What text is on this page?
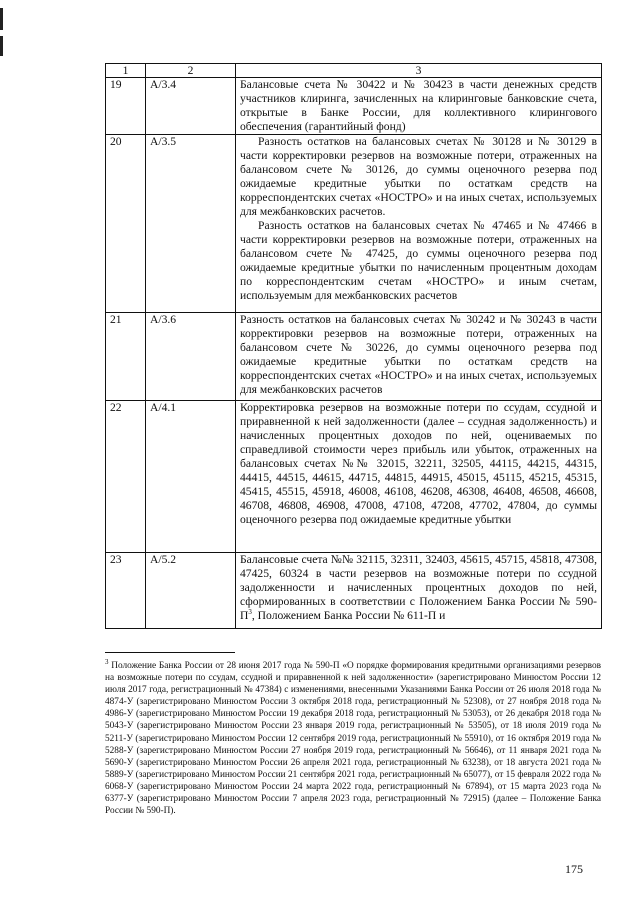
1	2	3
19	А/3.4	Балансовые счета № 30422 и № 30423 в части денежных средств участников клиринга, зачисленных на клиринговые банковские счета, открытые в Банке России, для коллективного клирингового обеспечения (гарантийный фонд)

20	А/3.5	Разность остатков на балансовых счетах № 30128 и № 30129 в части корректировки резервов на возможные потери, отраженных на балансовом счете № 30126, до суммы оценочного резерва под ожидаемые кредитные убытки по остаткам средств на корреспондентских счетах «НОСТРО» и на иных счетах, используемых для межбанковских расчетов.

Разность остатков на балансовых счетах № 47465 и № 47466 в части корректировки резервов на возможные потери, отраженных на балансовом счете № 47425, до суммы оценочного резерва под ожидаемые кредитные убытки по начисленным процентным доходам по корреспондентским счетам «НОСТРО» и иным счетам, используемым для межбанковских расчетов

21	А/3.6	Разность остатков на балансовых счетах № 30242 и № 30243 в части корректировки резервов на возможные потери, отраженных на балансовом счете № 30226, до суммы оценочного резерва под ожидаемые кредитные убытки по остаткам средств на корреспондентских счетах «НОСТРО» и на иных счетах, используемых для межбанковских расчетов

22	А/4.1	Корректировка резервов на возможные потери по ссудам, ссудной и приравненной к ней задолженности (далее – ссудная задолженность) и начисленных процентных доходов по ней, оцениваемых по справедливой стоимости через прибыль или убыток, отраженных на балансовых счетах №№ 32015, 32211, 32505, 44115, 44215, 44315, 44415, 44515, 44615, 44715, 44815, 44915, 45015, 45115, 45215, 45315, 45415, 45515, 45918, 46008, 46108, 46208, 46308, 46408, 46508, 46608, 46708, 46808, 46908, 47008, 47108, 47208, 47702, 47804, до суммы оценочного резерва под ожидаемые кредитные убытки

23	А/5.2	Балансовые счета №№ 32115, 32311, 32403, 45615, 45715, 45818, 47308, 47425, 60324 в части резервов на возможные потери по ссудной задолженности и начисленных процентных доходов по ней, сформированных в соответствии с Положением Банка России № $590-П^3$, Положением Банка России № 611-П и

$^3$ Положение Банка России от 28 июня 2017 года № 590-П «О порядке формирования кредитными организациями резервов на возможные потери по ссудам, ссудной и приравненной к ней задолженности» (зарегистрировано Минюстом России 12 июля 2017 года, регистрационный № 47384) с изменениями, внесенными Указаниями Банка России от 26 июля 2018 года № 4874-У (зарегистрировано Минюстом России 3 октября 2018 года, регистрационный № 52308), от 27 ноября 2018 года № 4986-У (зарегистрировано Минюстом России 19 декабря 2018 года, регистрационный № 53053), от 26 декабря 2018 года № 5043-У (зарегистрировано Минюстом России 23 января 2019 года, регистрационный № 53505), от 18 июля 2019 года № 5211-У (зарегистрировано Минюстом России 12 сентября 2019 года, регистрационный № 55910), от 16 октября 2019 года № 5288-У (зарегистрировано Минюстом России 27 ноября 2019 года, регистрационный № 56646), от 11 января 2021 года № 5690-У (зарегистрировано Минюстом России 26 апреля 2021 года, регистрационный № 63238), от 18 августа 2021 года № 5889-У (зарегистрировано Минюстом России 21 сентября 2021 года, регистрационный № 65077), от 15 февраля 2022 года № 6068-У (зарегистрировано Минюстом России 24 марта 2022 года, регистрационный № 67894), от 15 марта 2023 года № 6377-У (зарегистрировано Минюстом России 7 апреля 2023 года, регистрационный № 72915) (далее – Положение Банка России № 590-П).

175
